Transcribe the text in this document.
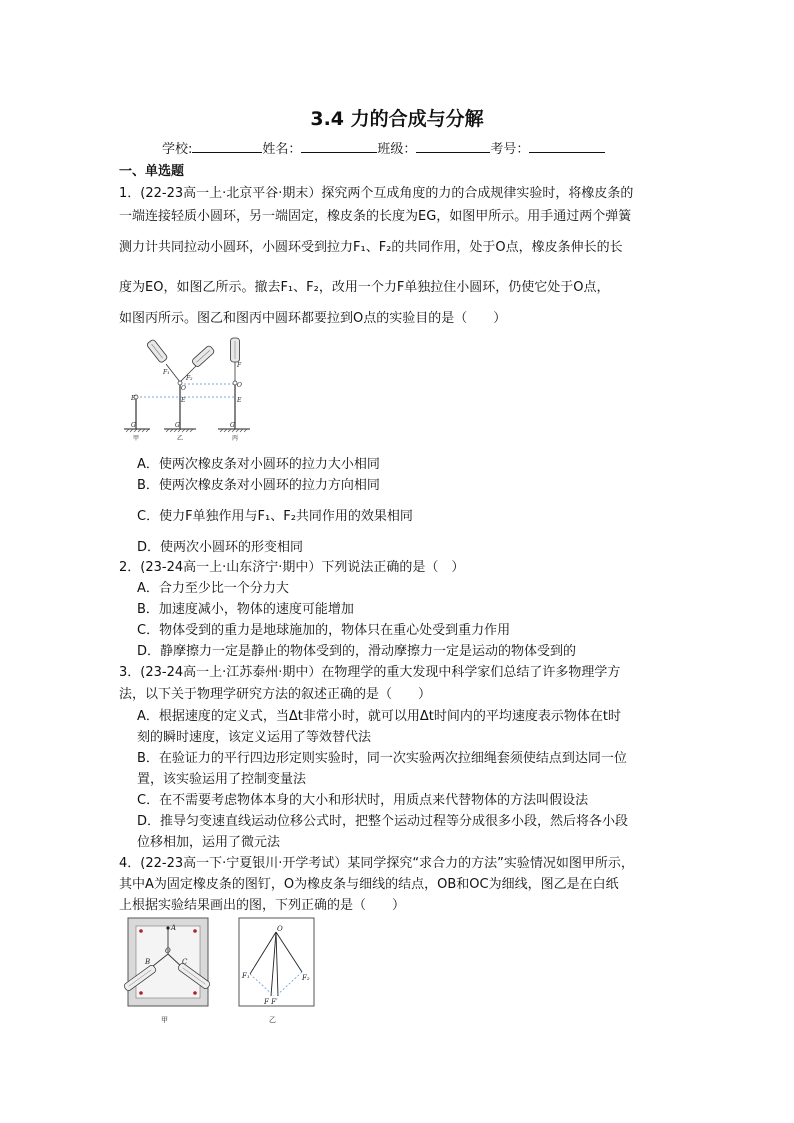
3.4 力的合成与分解
学校:	姓名：	班级：	考号：
一、单选题
1．(22-23高一上·北京平谷·期末）探究两个互成角度的力的合成规律实验时，将橡皮条的
一端连接轻质小圆环，另一端固定，橡皮条的长度为EG，如图甲所示。用手通过两个弹簧
测力计共同拉动小圆环，小圆环受到拉力F₁、F₂的共同作用，处于O点，橡皮条伸长的长
度为EO，如图乙所示。撤去F₁、F₂，改用一个力F单独拉住小圆环，仍使它处于O点，
如图丙所示。图乙和图丙中圆环都要拉到O点的实验目的是（　　）
E
G	G	G
E	E
O	O
F
F₁
F₂
甲	乙	丙
A．使两次橡皮条对小圆环的拉力大小相同
B．使两次橡皮条对小圆环的拉力方向相同
C．使力F单独作用与F₁、F₂共同作用的效果相同
D．使两次小圆环的形变相同
2．(23-24高一上·山东济宁·期中）下列说法正确的是（　）
A．合力至少比一个分力大
B．加速度减小，物体的速度可能增加
C．物体受到的重力是地球施加的，物体只在重心处受到重力作用
D．静摩擦力一定是静止的物体受到的，滑动摩擦力一定是运动的物体受到的
3．(23-24高一上·江苏泰州·期中）在物理学的重大发现中科学家们总结了许多物理学方
法，以下关于物理学研究方法的叙述正确的是（　　）
A．根据速度的定义式，当Δt非常小时，就可以用Δt时间内的平均速度表示物体在t时
刻的瞬时速度，该定义运用了等效替代法
B．在验证力的平行四边形定则实验时，同一次实验两次拉细绳套须使结点到达同一位
置，该实验运用了控制变量法
C．在不需要考虑物体本身的大小和形状时，用质点来代替物体的方法叫假设法
D．推导匀变速直线运动位移公式时，把整个运动过程等分成很多小段，然后将各小段
位移相加，运用了微元法
4．(22-23高一下·宁夏银川·开学考试）某同学探究“求合力的方法”实验情况如图甲所示，
其中A为固定橡皮条的图钉，O为橡皮条与细线的结点，OB和OC为细线，图乙是在白纸
上根据实验结果画出的图，下列正确的是（　　）
A
O
B	C
甲
O
F₁	F₂
F F′
乙
